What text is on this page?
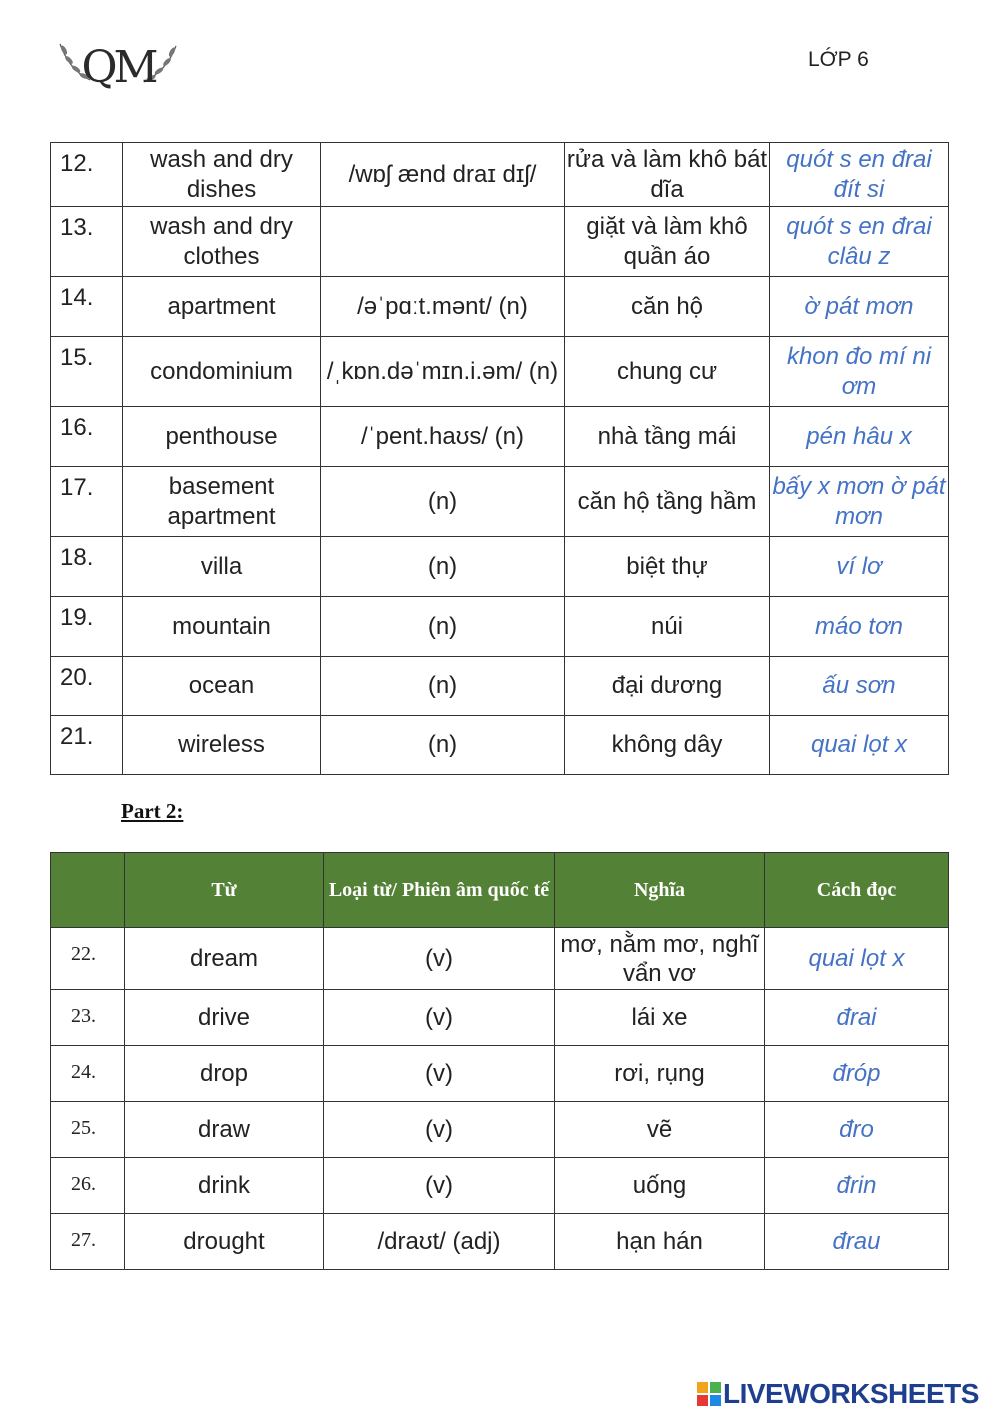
QM	LỚP 6
12.	wash and dry dishes	/wɒʃ ænd draɪ dɪʃ/	rửa và làm khô bát dĩa	quót s en đrai đít si
13.	wash and dry clothes		giặt và làm khô quần áo	quót s en đrai clâu z
14.	apartment	/əˈpɑːt.mənt/ (n)	căn hộ	ờ pát mơn
15.	condominium	/ˌkɒn.dəˈmɪn.i.əm/ (n)	chung cư	khon đo mí ni ơm
16.	penthouse	/ˈpent.haʊs/ (n)	nhà tầng mái	pén hâu x
17.	basement apartment	(n)	căn hộ tầng hầm	bấy x mơn ờ pát mơn
18.	villa	(n)	biệt thự	ví lơ
19.	mountain	(n)	núi	máo tơn
20.	ocean	(n)	đại dương	ấu sơn
21.	wireless	(n)	không dây	quai lọt x
Part 2:
	Từ	Loại từ/ Phiên âm quốc tế	Nghĩa	Cách đọc
22.	dream	(v)	mơ, nằm mơ, nghĩ vẩn vơ	quai lọt x
23.	drive	(v)	lái xe	đrai
24.	drop	(v)	rơi, rụng	đróp
25.	draw	(v)	vẽ	đro
26.	drink	(v)	uống	đrin
27.	drought	/draʊt/ (adj)	hạn hán	đrau
LIVEWORKSHEETS
